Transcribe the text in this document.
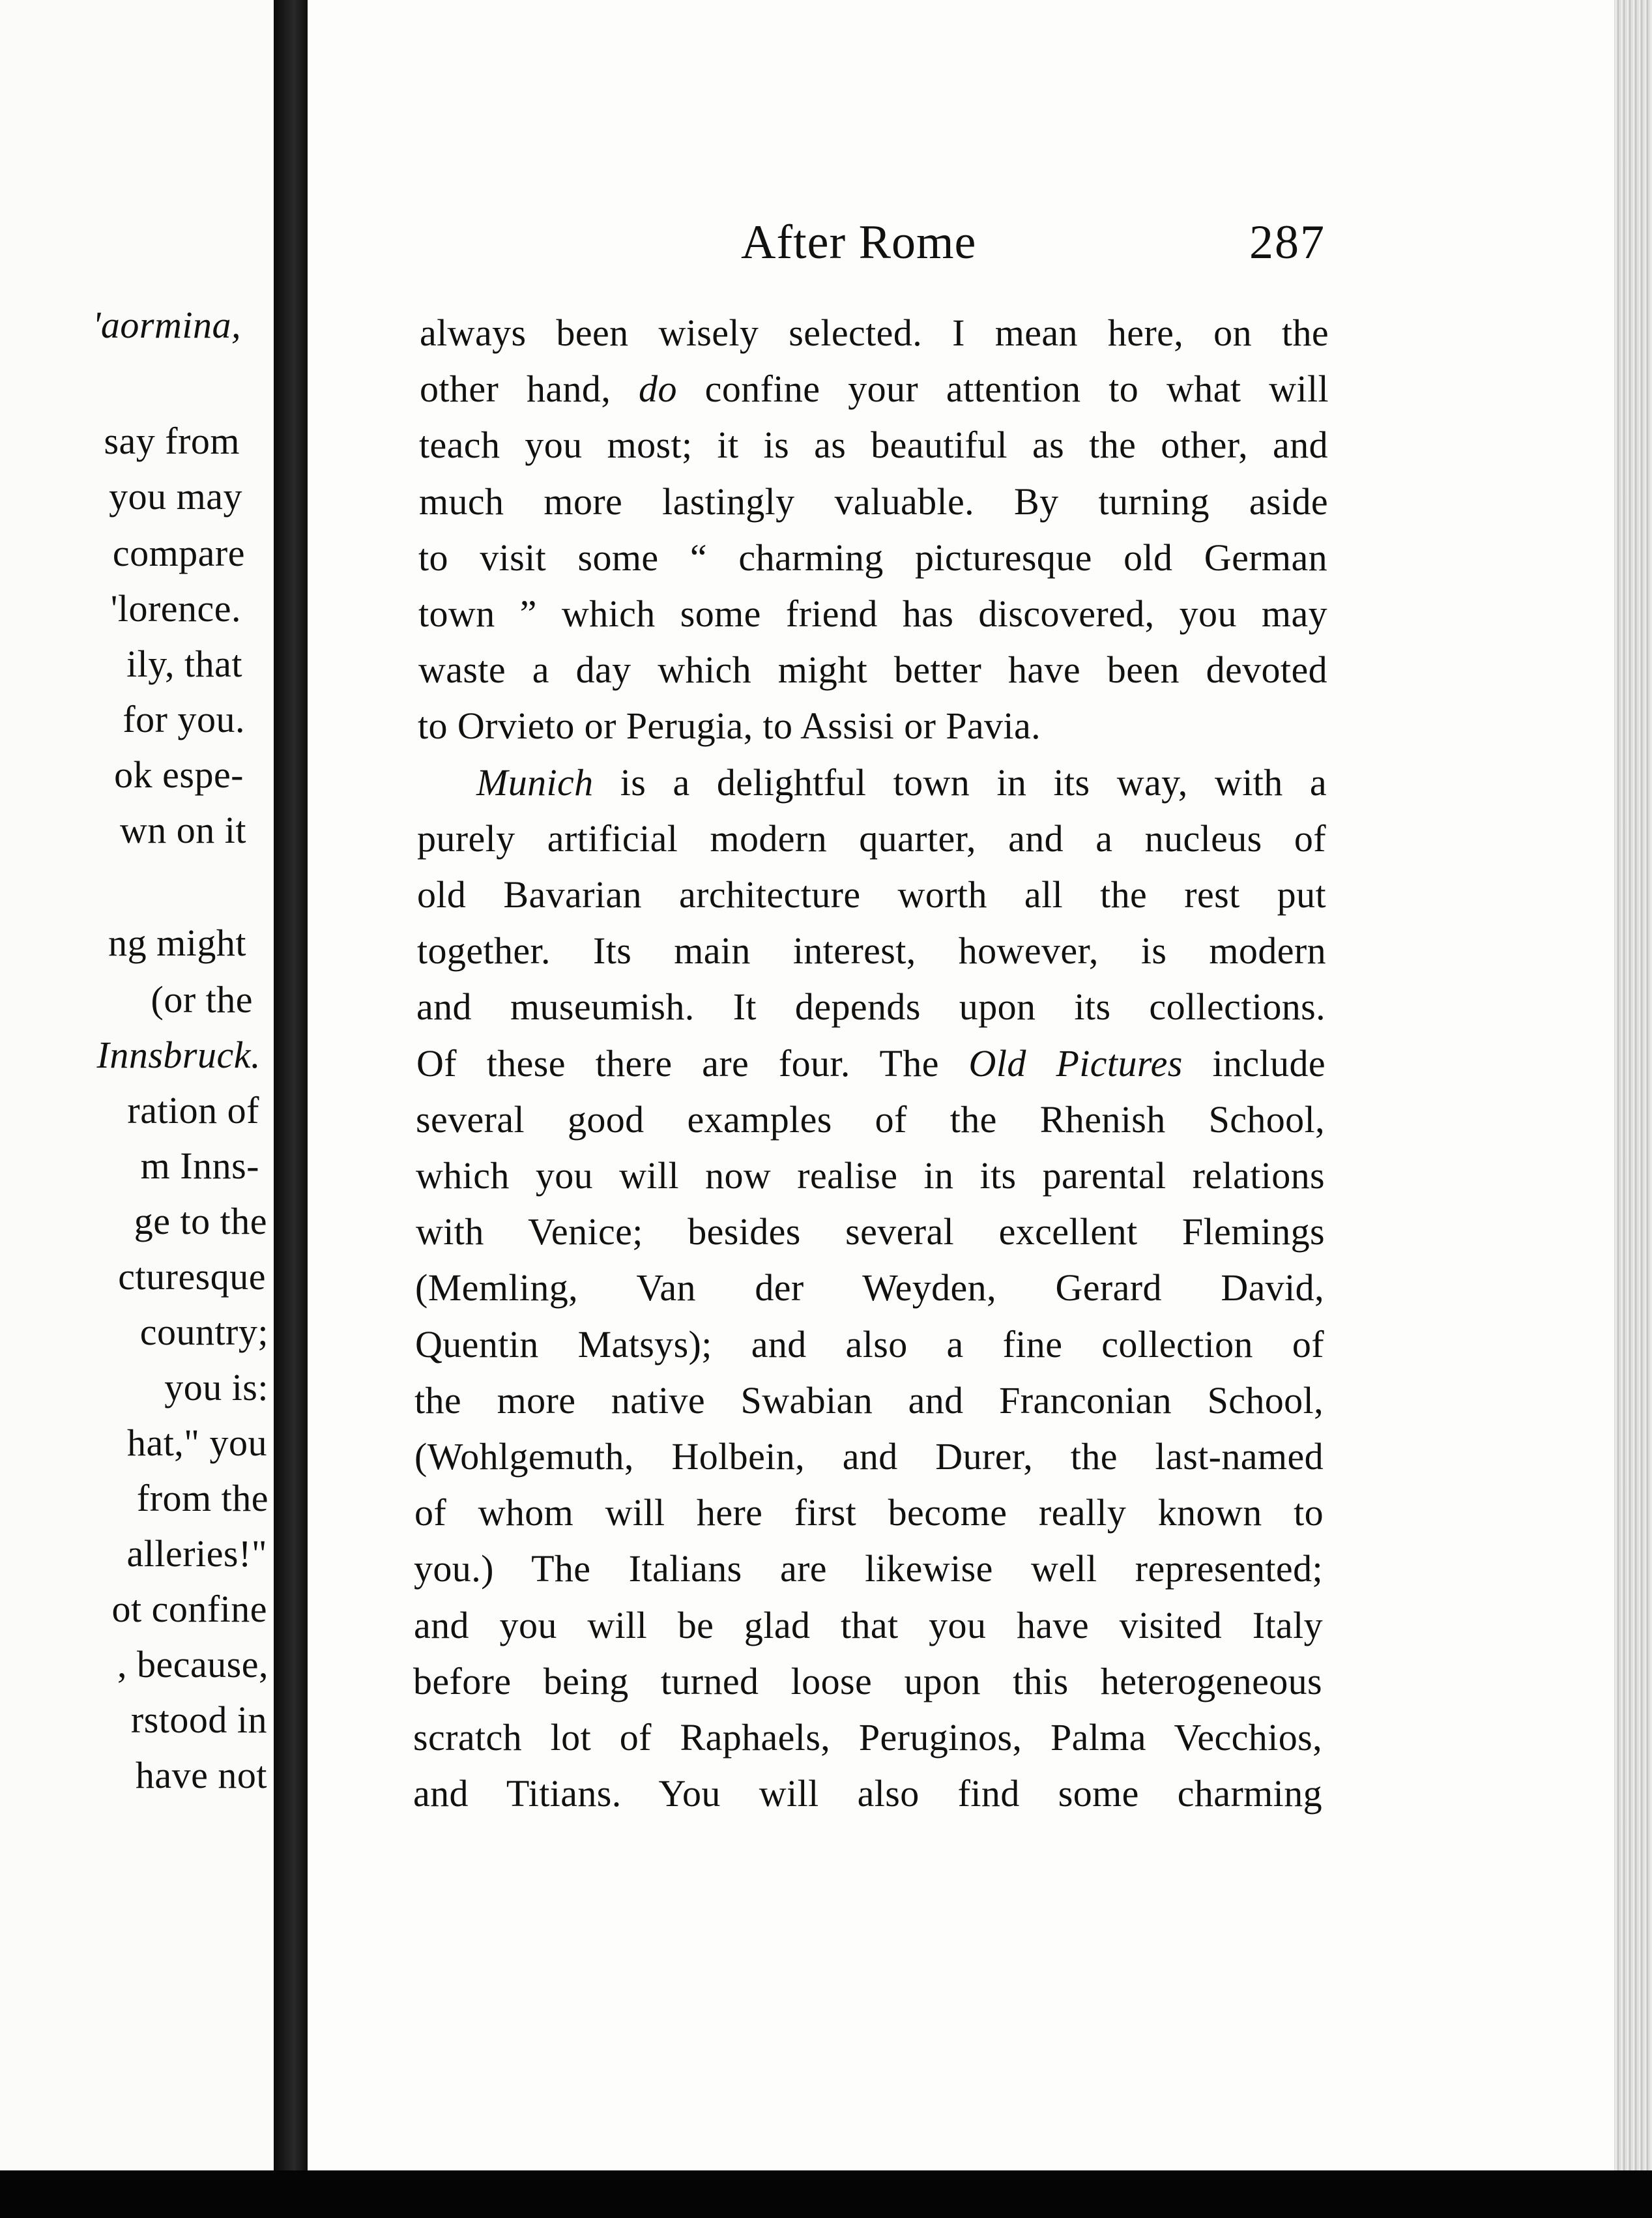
'aormina,
say from
you may
compare
'lorence.
ily, that
for you.
ok espe-
wn on it
ng might
(or the
Innsbruck.
ration of
m Inns-
ge to the
cturesque
country;
you is:
hat," you
from the
alleries!"
ot confine
, because,
rstood in
have not
After Rome	287
always been wisely selected. I mean here, on the
other hand, do confine your attention to what will
teach you most; it is as beautiful as the other, and
much more lastingly valuable. By turning aside
to visit some “ charming picturesque old German
town ” which some friend has discovered, you may
waste a day which might better have been devoted
to Orvieto or Perugia, to Assisi or Pavia.
Munich is a delightful town in its way, with a
purely artificial modern quarter, and a nucleus of
old Bavarian architecture worth all the rest put
together. Its main interest, however, is modern
and museumish. It depends upon its collections.
Of these there are four. The Old Pictures include
several good examples of the Rhenish School,
which you will now realise in its parental relations
with Venice; besides several excellent Flemings
(Memling, Van der Weyden, Gerard David,
Quentin Matsys); and also a fine collection of
the more native Swabian and Franconian School,
(Wohlgemuth, Holbein, and Durer, the last-named
of whom will here first become really known to
you.) The Italians are likewise well represented;
and you will be glad that you have visited Italy
before being turned loose upon this heterogeneous
scratch lot of Raphaels, Peruginos, Palma Vecchios,
and Titians. You will also find some charming
